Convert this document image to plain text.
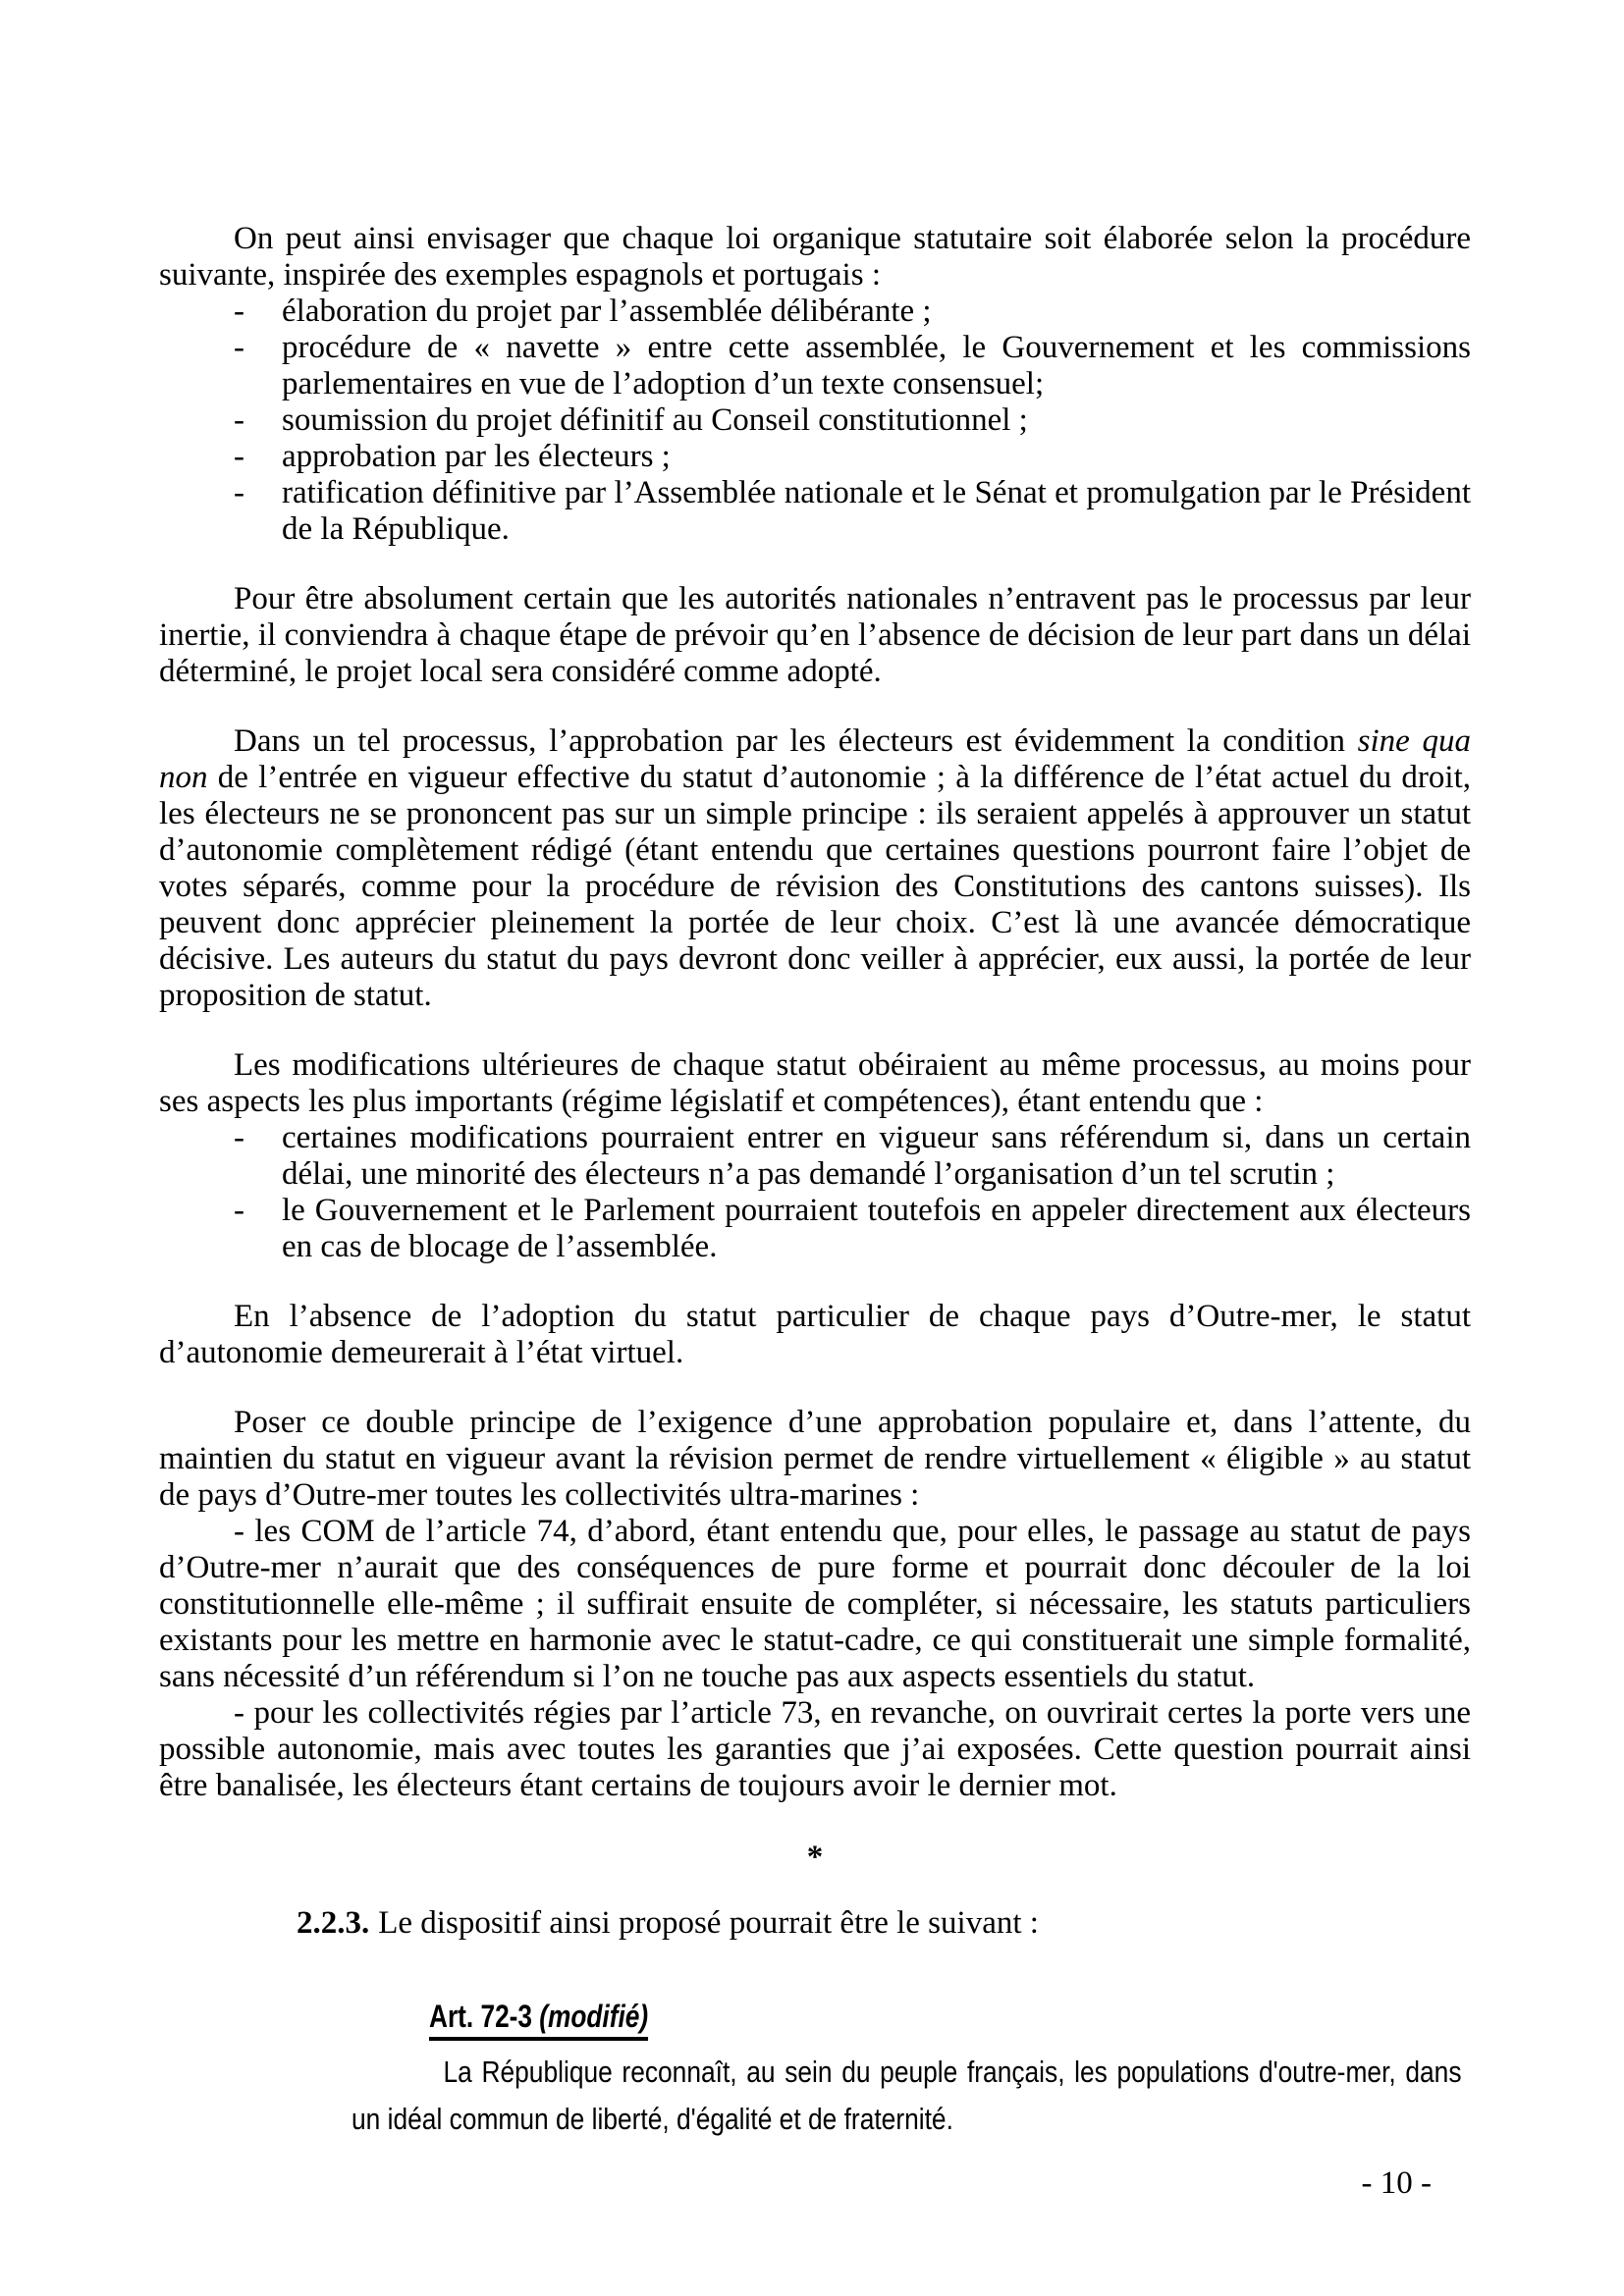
On peut ainsi envisager que chaque loi organique statutaire soit élaborée selon la procédure suivante, inspirée des exemples espagnols et portugais :

- élaboration du projet par l’assemblée délibérante ;

- procédure de « navette » entre cette assemblée, le Gouvernement et les commissions parlementaires en vue de l’adoption d’un texte consensuel;

- soumission du projet définitif au Conseil constitutionnel ;

- approbation par les électeurs ;

- ratification définitive par l’Assemblée nationale et le Sénat et promulgation par le Président de la République.

Pour être absolument certain que les autorités nationales n’entravent pas le processus par leur inertie, il conviendra à chaque étape de prévoir qu’en l’absence de décision de leur part dans un délai déterminé, le projet local sera considéré comme adopté.

Dans un tel processus, l’approbation par les électeurs est évidemment la condition sine qua non de l’entrée en vigueur effective du statut d’autonomie ; à la différence de l’état actuel du droit, les électeurs ne se prononcent pas sur un simple principe : ils seraient appelés à approuver un statut d’autonomie complètement rédigé (étant entendu que certaines questions pourront faire l’objet de votes séparés, comme pour la procédure de révision des Constitutions des cantons suisses). Ils peuvent donc apprécier pleinement la portée de leur choix. C’est là une avancée démocratique décisive. Les auteurs du statut du pays devront donc veiller à apprécier, eux aussi, la portée de leur proposition de statut.

Les modifications ultérieures de chaque statut obéiraient au même processus, au moins pour ses aspects les plus importants (régime législatif et compétences), étant entendu que :

- certaines modifications pourraient entrer en vigueur sans référendum si, dans un certain délai, une minorité des électeurs n’a pas demandé l’organisation d’un tel scrutin ;

- le Gouvernement et le Parlement pourraient toutefois en appeler directement aux électeurs en cas de blocage de l’assemblée.

En l’absence de l’adoption du statut particulier de chaque pays d’Outre-mer, le statut d’autonomie demeurerait à l’état virtuel.

Poser ce double principe de l’exigence d’une approbation populaire et, dans l’attente, du maintien du statut en vigueur avant la révision permet de rendre virtuellement « éligible » au statut de pays d’Outre-mer toutes les collectivités ultra-marines :

- les COM de l’article 74, d’abord, étant entendu que, pour elles, le passage au statut de pays d’Outre-mer n’aurait que des conséquences de pure forme et pourrait donc découler de la loi constitutionnelle elle-même ; il suffirait ensuite de compléter, si nécessaire, les statuts particuliers existants pour les mettre en harmonie avec le statut-cadre, ce qui constituerait une simple formalité, sans nécessité d’un référendum si l’on ne touche pas aux aspects essentiels du statut.

- pour les collectivités régies par l’article 73, en revanche, on ouvrirait certes la porte vers une possible autonomie, mais avec toutes les garanties que j’ai exposées. Cette question pourrait ainsi être banalisée, les électeurs étant certains de toujours avoir le dernier mot.

*

2.2.3. Le dispositif ainsi proposé pourrait être le suivant :

Art. 72-3 (modifié)

La République reconnaît, au sein du peuple français, les populations d'outre-mer, dans un idéal commun de liberté, d'égalité et de fraternité.

- 10 -
